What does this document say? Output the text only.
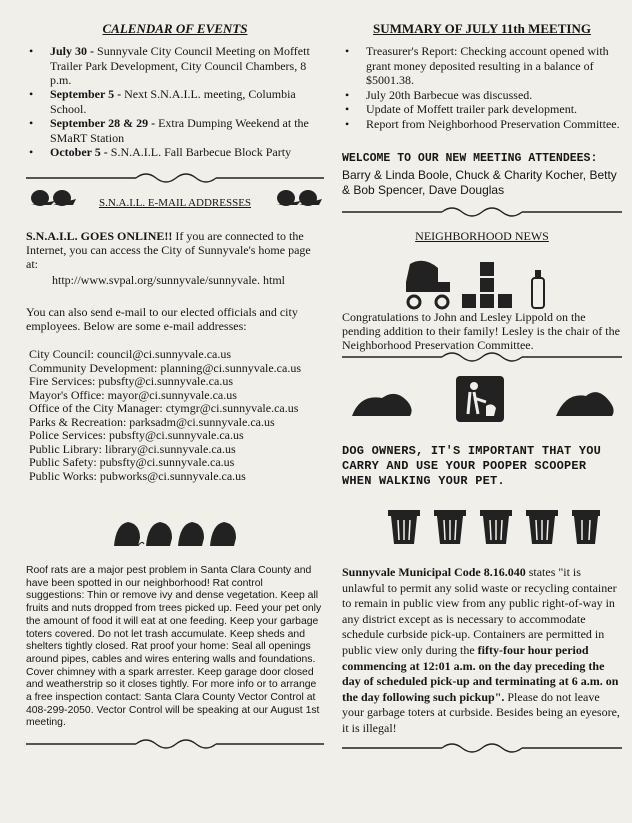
CALENDAR OF EVENTS

• July 30 - Sunnyvale City Council Meeting on Moffett Trailer Park Development, City Council Chambers, 8 p.m.
• September 5 - Next S.N.A.I.L. meeting, Columbia School.
• September 28 & 29 - Extra Dumping Weekend at the SMaRT Station
• October 5 - S.N.A.I.L. Fall Barbecue Block Party

S.N.A.I.L. E-MAIL ADDRESSES

S.N.A.I.L. GOES ONLINE!! If you are connected to the Internet, you can access the City of Sunnyvale's home page at:

http://www.svpal.org/sunnyvale/sunnyvale. html

You can also send e-mail to our elected officials and city employees. Below are some e-mail addresses:

City Council: council@ci.sunnyvale.ca.us
Community Development: planning@ci.sunnyvale.ca.us
Fire Services: pubsfty@ci.sunnyvale.ca.us
Mayor's Office: mayor@ci.sunnyvale.ca.us
Office of the City Manager: ctymgr@ci.sunnyvale.ca.us
Parks & Recreation: parksadm@ci.sunnyvale.ca.us
Police Services: pubsfty@ci.sunnyvale.ca.us
Public Library: library@ci.sunnyvale.ca.us
Public Safety: pubsfty@ci.sunnyvale.ca.us
Public Works: pubworks@ci.sunnyvale.ca.us

Roof rats are a major pest problem in Santa Clara County and have been spotted in our neighborhood! Rat control suggestions: Thin or remove ivy and dense vegetation. Keep all fruits and nuts dropped from trees picked up. Feed your pet only the amount of food it will eat at one feeding. Keep your garbage toters covered. Do not let trash accumulate. Keep sheds and shelters tightly closed. Rat proof your home: Seal all openings around pipes, cables and wires entering walls and foundations. Cover chimney with a spark arrester. Keep garage door closed and weatherstrip so it closes tightly. For more info or to arrange a free inspection contact: Santa Clara County Vector Control at 408-299-2050. Vector Control will be speaking at our August 1st meeting.

SUMMARY OF JULY 11th MEETING

• Treasurer's Report: Checking account opened with grant money deposited resulting in a balance of $5001.38.
• July 20th Barbecue was discussed.
• Update of Moffett trailer park development.
• Report from Neighborhood Preservation Committee.

WELCOME TO OUR NEW MEETING ATTENDEES:

Barry & Linda Boole, Chuck & Charity Kocher, Betty & Bob Spencer, Dave Douglas

NEIGHBORHOOD NEWS

Congratulations to John and Lesley Lippold on the pending addition to their family! Lesley is the chair of the Neighborhood Preservation Committee.

DOG OWNERS, IT'S IMPORTANT THAT YOU CARRY AND USE YOUR POOPER SCOOPER WHEN WALKING YOUR PET.

Sunnyvale Municipal Code 8.16.040 states "it is unlawful to permit any solid waste or recycling container to remain in public view from any public right-of-way in any district except as is necessary to accommodate schedule curbside pick-up. Containers are permitted in public view only during the fifty-four hour period commencing at 12:01 a.m. on the day preceding the day of scheduled pick-up and terminating at 6 a.m. on the day following such pickup". Please do not leave your garbage toters at curbside. Besides being an eyesore, it is illegal!
